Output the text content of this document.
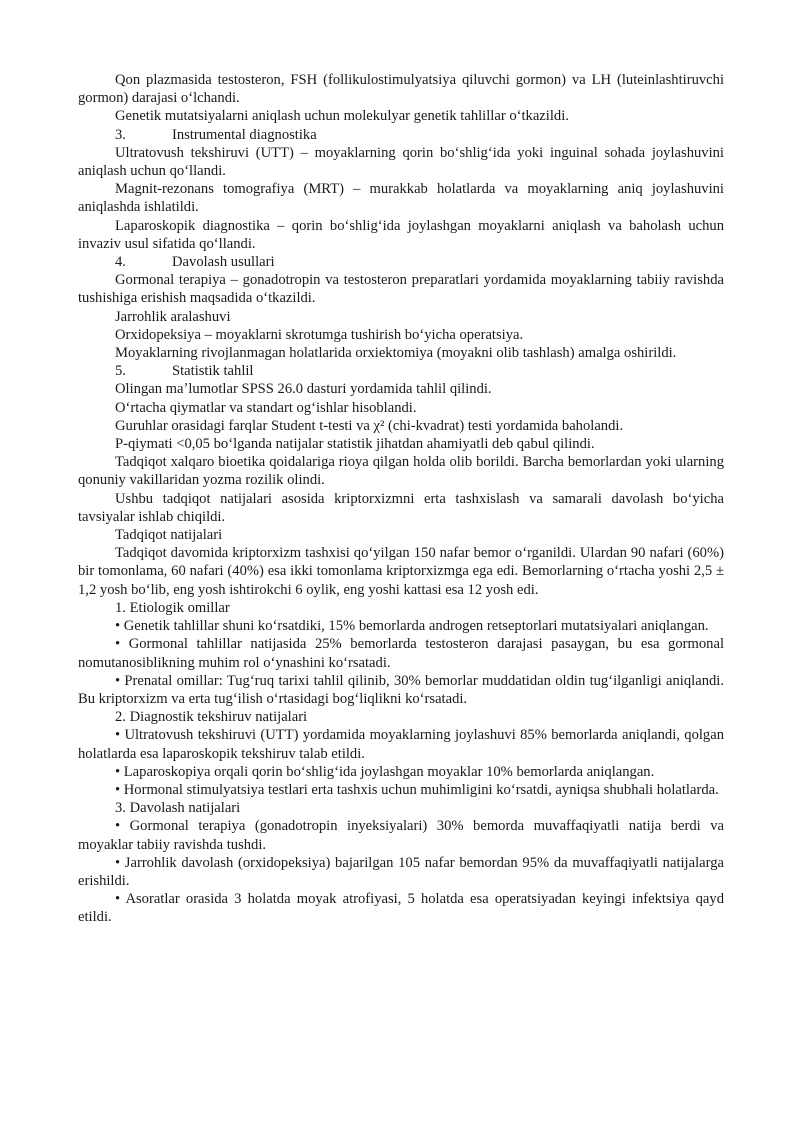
Qon plazmasida testosteron, FSH (follikulostimulyatsiya qiluvchi gormon) va LH (luteinlashtiruvchi gormon) darajasi oʻlchandi.

Genetik mutatsiyalarni aniqlash uchun molekulyar genetik tahlillar oʻtkazildi.

3.	Instrumental diagnostika

Ultratovush tekshiruvi (UTT) – moyaklarning qorin boʻshligʻida yoki inguinal sohada joylashuvini aniqlash uchun qoʻllandi.

Magnit-rezonans tomografiya (MRT) – murakkab holatlarda va moyaklarning aniq joylashuvini aniqlashda ishlatildi.

Laparoskopik diagnostika – qorin boʻshligʻida joylashgan moyaklarni aniqlash va baholash uchun invaziv usul sifatida qoʻllandi.

4.	Davolash usullari

Gormonal terapiya – gonadotropin va testosteron preparatlari yordamida moyaklarning tabiiy ravishda tushishiga erishish maqsadida oʻtkazildi.

Jarrohlik aralashuvi

Orxidopeksiya – moyaklarni skrotumga tushirish boʻyicha operatsiya.

Moyaklarning rivojlanmagan holatlarida orxiektomiya (moyakni olib tashlash) amalga oshirildi.

5.	Statistik tahlil

Olingan maʼlumotlar SPSS 26.0 dasturi yordamida tahlil qilindi.

Oʻrtacha qiymatlar va standart ogʻishlar hisoblandi.

Guruhlar orasidagi farqlar Student t-testi va χ² (chi-kvadrat) testi yordamida baholandi.

P-qiymati <0,05 boʻlganda natijalar statistik jihatdan ahamiyatli deb qabul qilindi.

Tadqiqot xalqaro bioetika qoidalariga rioya qilgan holda olib borildi. Barcha bemorlardan yoki ularning qonuniy vakillaridan yozma rozilik olindi.

Ushbu tadqiqot natijalari asosida kriptorxizmni erta tashxislash va samarali davolash boʻyicha tavsiyalar ishlab chiqildi.

Tadqiqot natijalari

Tadqiqot davomida kriptorxizm tashxisi qoʻyilgan 150 nafar bemor oʻrganildi. Ulardan 90 nafari (60%) bir tomonlama, 60 nafari (40%) esa ikki tomonlama kriptorxizmga ega edi. Bemorlarning oʻrtacha yoshi 2,5 ± 1,2 yosh boʻlib, eng yosh ishtirokchi 6 oylik, eng yoshi kattasi esa 12 yosh edi.

1. Etiologik omillar

• Genetik tahlillar shuni koʻrsatdiki, 15% bemorlarda androgen retseptorlari mutatsiyalari aniqlangan.

• Gormonal tahlillar natijasida 25% bemorlarda testosteron darajasi pasaygan, bu esa gormonal nomutanosiblikning muhim rol oʻynashini koʻrsatadi.

• Prenatal omillar: Tugʻruq tarixi tahlil qilinib, 30% bemorlar muddatidan oldin tugʻilganligi aniqlandi. Bu kriptorxizm va erta tugʻilish oʻrtasidagi bogʻliqlikni koʻrsatadi.

2. Diagnostik tekshiruv natijalari

• Ultratovush tekshiruvi (UTT) yordamida moyaklarning joylashuvi 85% bemorlarda aniqlandi, qolgan holatlarda esa laparoskopik tekshiruv talab etildi.

• Laparoskopiya orqali qorin boʻshligʻida joylashgan moyaklar 10% bemorlarda aniqlangan.

• Hormonal stimulyatsiya testlari erta tashxis uchun muhimligini koʻrsatdi, ayniqsa shubhali holatlarda.

3. Davolash natijalari

• Gormonal terapiya (gonadotropin inyeksiyalari) 30% bemorda muvaffaqiyatli natija berdi va moyaklar tabiiy ravishda tushdi.

• Jarrohlik davolash (orxidopeksiya) bajarilgan 105 nafar bemordan 95% da muvaffaqiyatli natijalarga erishildi.

• Asoratlar orasida 3 holatda moyak atrofiyasi, 5 holatda esa operatsiyadan keyingi infektsiya qayd etildi.
